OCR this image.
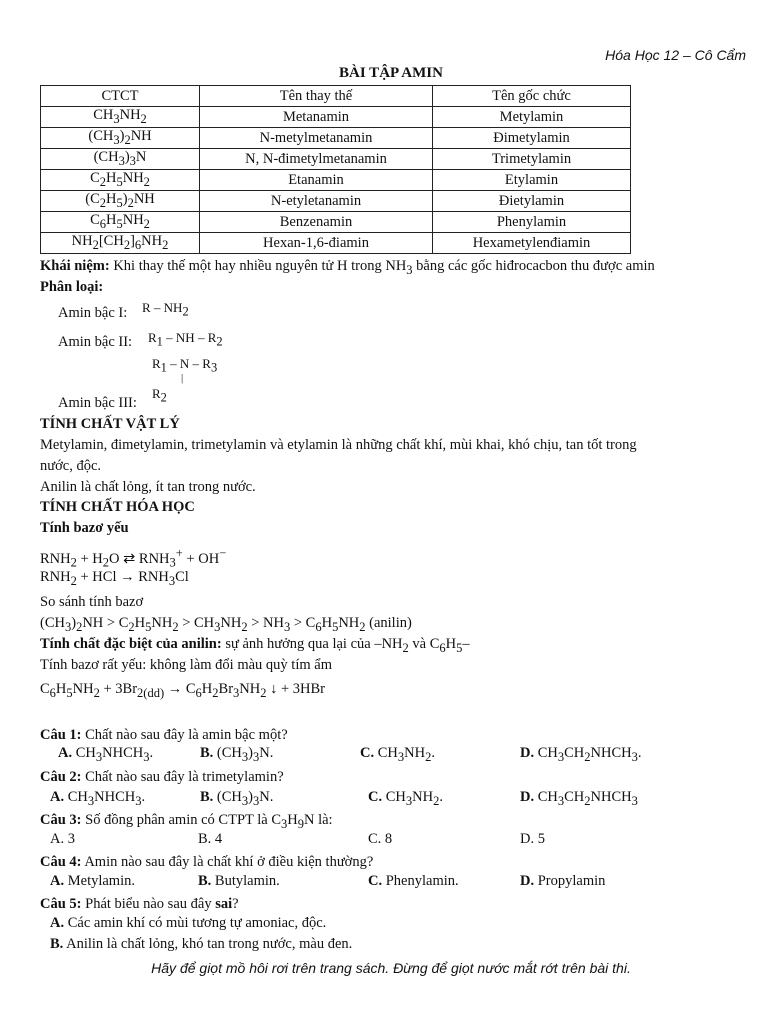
Hóa Học 12 – Cô Cẩm
BÀI TẬP AMIN
CTCT	Tên thay thế	Tên gốc chức
$CH_3NH_2$	Metanamin	Metylamin
$(CH_3)_2NH$	N-metylmetanamin	Đimetylamin
$(CH_3)_3N$	N, N-đimetylmetanamin	Trimetylamin
$C_2H_5NH_2$	Etanamin	Etylamin
$(C_2H_5)_2NH$	N-etyletanamin	Đietylamin
$C_6H_5NH_2$	Benzenamin	Phenylamin
$NH_2[CH_2]_6NH_2$	Hexan-1,6-điamin	Hexametylenđiamin
Khái niệm: Khi thay thế một hay nhiều nguyên tử H trong $NH_3$ bằng các gốc hiđrocacbon thu được amin
Phân loại:
Amin bậc I: R – $NH_2$
Amin bậc II: $R_1$ – NH – $R_2$
$R_1$ – N – $R_3$
|
$R_2$
Amin bậc III:
TÍNH CHẤT VẬT LÝ
Metylamin, đimetylamin, trimetylamin và etylamin là những chất khí, mùi khai, khó chịu, tan tốt trong
nước, độc.
Anilin là chất lỏng, ít tan trong nước.
TÍNH CHẤT HÓA HỌC
Tính bazơ yếu
$RNH_2 + H_2O$ ⇄ $RNH_3^+ + OH^-$
$RNH_2$ + HCl → $RNH_3Cl$
So sánh tính bazơ
$(CH_3)_2NH > C_2H_5NH_2 > CH_3NH_2 > NH_3 > C_6H_5NH_2$ (anilin)
Tính chất đặc biệt của anilin: sự ảnh hưởng qua lại của $-NH_2$ và $C_6H_5-$
Tính bazơ rất yếu: không làm đổi màu quỳ tím ẩm
$C_6H_5NH_2 + 3Br_{2(dd)} \to C_6H_2Br_3NH_2$ ↓ + 3HBr
Câu 1: Chất nào sau đây là amin bậc một?
A. $CH_3NHCH_3$.	B. $(CH_3)_3N$.	C. $CH_3NH_2$.	D. $CH_3CH_2NHCH_3$.
Câu 2: Chất nào sau đây là trimetylamin?
A. $CH_3NHCH_3$.	B. $(CH_3)_3N$.	C. $CH_3NH_2$.	D. $CH_3CH_2NHCH_3$
Câu 3: Số đồng phân amin có CTPT là $C_3H_9N$ là:
A. 3	B. 4	C. 8	D. 5
Câu 4: Amin nào sau đây là chất khí ở điều kiện thường?
A. Metylamin.	B. Butylamin.	C. Phenylamin.	D. Propylamin
Câu 5: Phát biểu nào sau đây sai?
A. Các amin khí có mùi tương tự amoniac, độc.
B. Anilin là chất lỏng, khó tan trong nước, màu đen.
Hãy để giọt mồ hôi rơi trên trang sách. Đừng để giọt nước mắt rớt trên bài thi.
